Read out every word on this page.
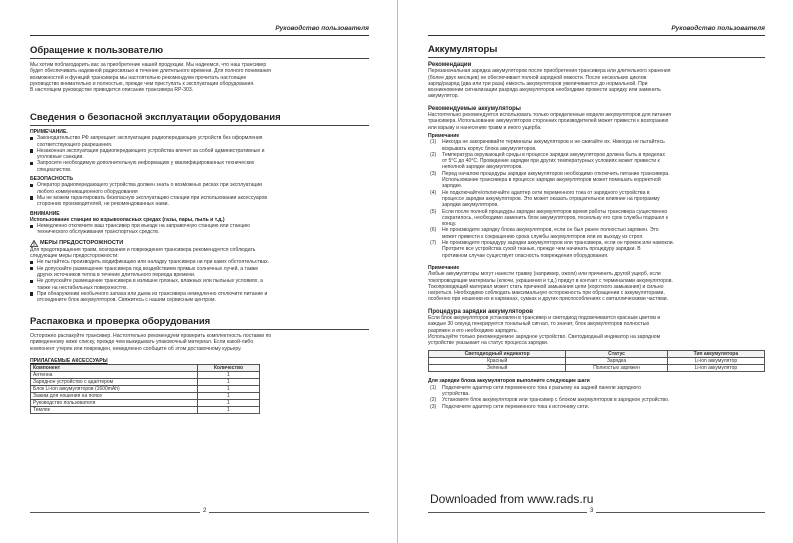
Руководство пользователя
Обращение к пользователю
Мы хотим поблагодарить вас за приобретение нашей продукции. Мы надеемся, что наш трансивер
будет обеспечивать надежной радиосвязью в течение длительного времени. Для полного понимания
возможностей и функций трансивера мы настоятельно рекомендуем прочитать настоящее
руководство внимательно и полностью, прежде чем приступать к эксплуатации оборудования.
В настоящем руководстве приводится описание трансивера RP-303.
Сведения о безопасной эксплуатации оборудования
ПРИМЕЧАНИЕ.
Законодательство РФ запрещает эксплуатацию радиопередающих устройств без оформления
соответствующего разрешения.
Незаконная эксплуатация радиопередающего устройства влечет за собой административные и
уголовные санкции.
Запросите необходимую дополнительную информацию у квалифицированных технических
специалистов.
БЕЗОПАСНОСТЬ
Оператор радиопередающего устройства должен знать о возможных рисках при эксплуатации
любого коммуникационного оборудования
Мы не можем гарантировать безопасную эксплуатацию станции при использовании аксессуаров
сторонних производителей, не рекомендованных нами.
ВНИМАНИЕ
Использование станции во взрывоопасных средах (газы, пары, пыль и т.д.)
Немедленно отключите ваш трансивер при въезде на заправочную станцию или станцию
технического обслуживания транспортных средств.
МЕРЫ ПРЕДОСТОРОЖНОСТИ
Для предотвращения травм, возгорания и повреждения трансивера рекомендуется соблюдать
следующие меры предосторожности:
Не пытайтесь производить модификацию или наладку трансивера ни при каких обстоятельствах.
Не допускайте размещение трансивера под воздействием прямых солнечных лучей, а также
других источников тепла в течение длительного периода времени.
Не допускайте размещение трансивера в излишне грязных, влажных или пыльных условиях, а
также на нестабильных поверхностях.
При обнаружении необычного запаха или дыма из трансивера немедленно отключите питание и
отсоедините блок аккумуляторов. Свяжитесь с нашим сервисным центром.
Распаковка и проверка оборудования
Осторожно распакуйте трансивер. Настоятельно рекомендуем проверить комплектность поставки по
приведенному ниже списку, прежде чем выкидывать упаковочный материал. Если какой-либо
компонент утерян или поврежден, немедленно сообщите об этом доставочному курьеру.
ПРИЛАГАЕМЫЕ АКСЕССУАРЫ
Компонент	Количество
Антенна	1
Зарядное устройство с адаптером	1
Блок Li-ion аккумуляторов (1600mAh)	1
Зажим для ношения на поясе	1
Руководство пользователя	1
Темляк	1
2
Руководство пользователя
Аккумуляторы
Рекомендации
Перезаначальная зарядка аккумуляторов после приобретения трансивера или длительного хранения
(более двух месяцев) не обеспечивает полной зарядной емкости. После нескольких циклов
заряд/разряд (два или три раза) емкость аккумуляторов увеличивается до нормальной. При
возникновении сигнализации разряда аккумуляторов необходимо провести зарядку или заменить
аккумулятор.
Рекомендуемые аккумуляторы
Настоятельно рекомендуется использовать только определенные модели аккумуляторов для питания
трансивера. Использование аккумуляторов сторонних производителей может привести к возгоранию
или взрыву и нанесению травм и иного ущерба.
Примечание
(1) Никогда не закорачивайте терминалы аккумуляторов и не сжигайте их. Никогда не пытайтесь
вскрывать корпус блока аккумуляторов.
(2) Температура окружающей среды в процессе зарядки аккумуляторов должна быть в пределах
от 5°С до 40°С. Проведение зарядки при других температурных условиях может привести к
неполной зарядке аккумуляторов.
(3) Перед началом процедуры зарядки аккумуляторов необходимо отключить питание трансивера.
Использование трансивера в процессе зарядки аккумуляторов может помешать корректной
зарядке.
(4) Не подключайте/отключайте адаптер сети переменного тока от зарядного устройства в
процессе зарядки аккумуляторов. Это может оказать отрицательное влияние на программу
зарядки аккумуляторов.
(5) Если после полной процедуры зарядки аккумуляторов время работы трансивера существенно
сократилось, необходимо заменить блок аккумуляторов, поскольку его срок службы подошел к
концу.
(6) Не производите зарядку блока аккумуляторов, если он был ранее полностью заряжен. Это
может привести к сокращению срока службы аккумуляторов или их выходу из строя.
(7) Не производите процедуру зарядки аккумуляторов или трансивера, если он промок или намокли.
Протрите все устройства сухой тканью, прежде чем начинать процедуру зарядки. В
противном случае существует опасность повреждения оборудования.
Примечание
Любые аккумуляторы могут нанести травму (например, ожоги) или причинить другой ущерб, если
токопроводящие материалы (ключи, украшения и т.д.) придут в контакт с терминалами аккумуляторов.
Токопроводящий материал может стать причиной замыкания цепи (короткого замыкания) и сильно
нагреться. Необходимо соблюдать максимальную осторожность при обращении с аккумуляторами,
особенно при ношении их в карманах, сумках и других приспособлениях с металлическими частями.
Процедура зарядки аккумуляторов
Если блок аккумуляторов установлен в трансивер и светодиод подсвечивается красным цветом и
каждые 30 секунд генерируется тональный сигнал, то значит, блок аккумуляторов полностью
разряжен и его необходимо зарядить.
Используйте только рекомендуемое зарядное устройство. Светодиодный индикатор на зарядном
устройстве указывает на статус процесса зарядки.
Светодиодный индикатор	Статус	Тип аккумулятора
Красный	Зарядка	Li-ion аккумулятор
Зеленый	Полностью заряжен	Li-ion аккумулятор
Для зарядки блока аккумуляторов выполните следующие шаги
(1) Подключите адаптер сети переменного тока к разъему на задней панели зарядного
устройства.
(2) Установите блок аккумуляторов или трансивер с блоком аккумуляторов в зарядное устройство.
(3) Подключите адаптер сети переменного тока к источнику сети.
3
Downloaded from www.rads.ru
